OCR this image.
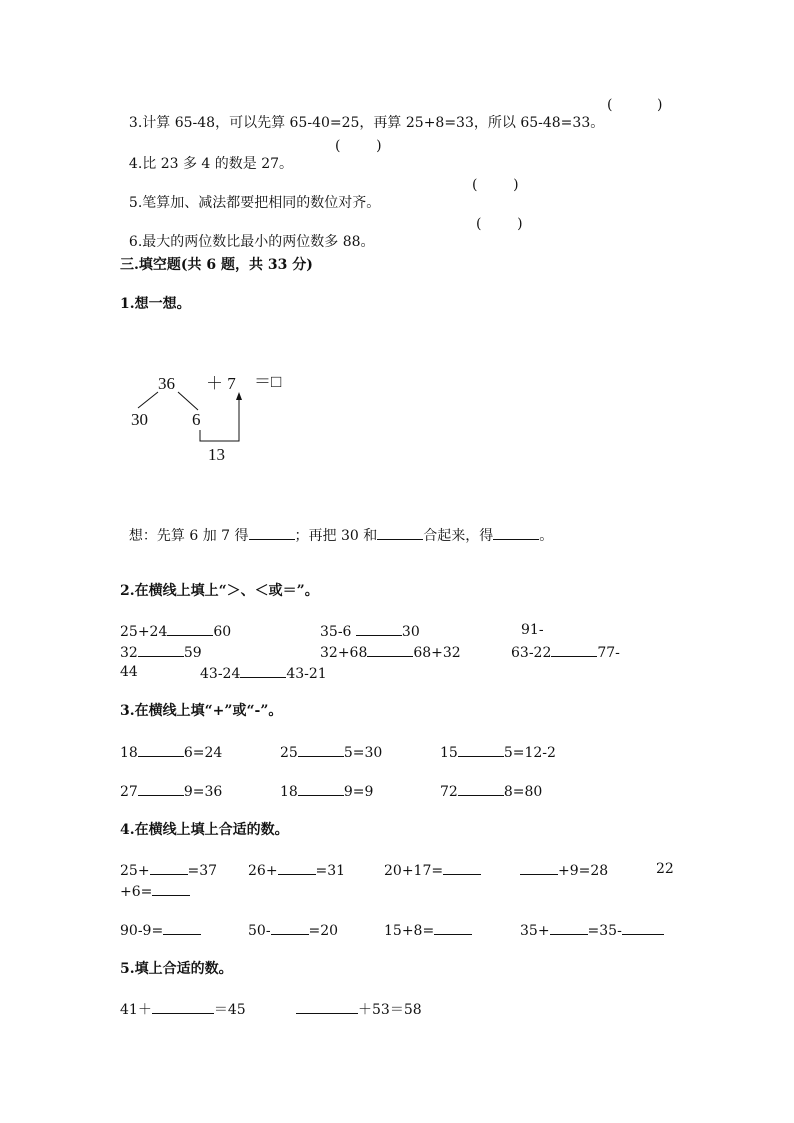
3.计算 65-48，可以先算 65-40=25，再算 25+8=33，所以 65-48=33。

(          )

4.比 23 多 4 的数是 27。

(        )

5.笔算加、减法都要把相同的数位对齐。

(        )

6.最大的两位数比最小的两位数多 88。

(        )
三.填空题(共 6 题，共 33 分)
1.想一想。
36 ＋ 7 ＝□
30	6
13

想：先算 6 加 7 得	；再把 30 和	合起来，得	。

2.在横线上填上“＞、＜或＝”。
25+24	60	35-6	30	91-
32	59	32+68	68+32	63-22	77-
44	43-24	43-21
3.在横线上填“+”或“-”。
18	6=24	25	5=30	15	5=12-2
27	9=36	18	9=9	72	8=80
4.在横线上填上合适的数。
25+	=37 26+	=31	20+17=	+9=28	22
+6=
90-9=	50-	=20	15+8=	35+	=35-
5.填上合适的数。
41＋	＝45	＋53＝58
